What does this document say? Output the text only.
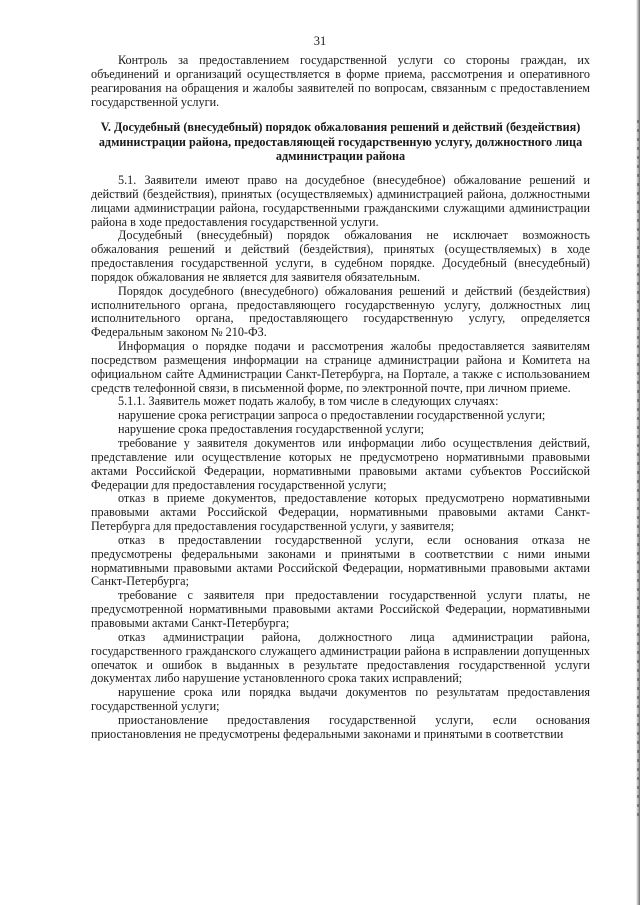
31

Контроль за предоставлением государственной услуги со стороны граждан, их объединений и организаций осуществляется в форме приема, рассмотрения и оперативного реагирования на обращения и жалобы заявителей по вопросам, связанным с предоставлением государственной услуги.

V. Досудебный (внесудебный) порядок обжалования решений и действий (бездействия) администрации района, предоставляющей государственную услугу, должностного лица администрации района

5.1. Заявители имеют право на досудебное (внесудебное) обжалование решений и действий (бездействия), принятых (осуществляемых) администрацией района, должностными лицами администрации района, государственными гражданскими служащими администрации района в ходе предоставления государственной услуги.

Досудебный (внесудебный) порядок обжалования не исключает возможность обжалования решений и действий (бездействия), принятых (осуществляемых) в ходе предоставления государственной услуги, в судебном порядке. Досудебный (внесудебный) порядок обжалования не является для заявителя обязательным.

Порядок досудебного (внесудебного) обжалования решений и действий (бездействия) исполнительного органа, предоставляющего государственную услугу, должностных лиц исполнительного органа, предоставляющего государственную услугу, определяется Федеральным законом № 210-ФЗ.

Информация о порядке подачи и рассмотрения жалобы предоставляется заявителям посредством размещения информации на странице администрации района и Комитета на официальном сайте Администрации Санкт-Петербурга, на Портале, а также с использованием средств телефонной связи, в письменной форме, по электронной почте, при личном приеме.

5.1.1. Заявитель может подать жалобу, в том числе в следующих случаях:

нарушение срока регистрации запроса о предоставлении государственной услуги;

нарушение срока предоставления государственной услуги;

требование у заявителя документов или информации либо осуществления действий, представление или осуществление которых не предусмотрено нормативными правовыми актами Российской Федерации, нормативными правовыми актами субъектов Российской Федерации для предоставления государственной услуги;

отказ в приеме документов, предоставление которых предусмотрено нормативными правовыми актами Российской Федерации, нормативными правовыми актами Санкт-Петербурга для предоставления государственной услуги, у заявителя;

отказ в предоставлении государственной услуги, если основания отказа не предусмотрены федеральными законами и принятыми в соответствии с ними иными нормативными правовыми актами Российской Федерации, нормативными правовыми актами Санкт-Петербурга;

требование с заявителя при предоставлении государственной услуги платы, не предусмотренной нормативными правовыми актами Российской Федерации, нормативными правовыми актами Санкт-Петербурга;

отказ администрации района, должностного лица администрации района, государственного гражданского служащего администрации района в исправлении допущенных опечаток и ошибок в выданных в результате предоставления государственной услуги документах либо нарушение установленного срока таких исправлений;

нарушение срока или порядка выдачи документов по результатам предоставления государственной услуги;

приостановление предоставления государственной услуги, если основания приостановления не предусмотрены федеральными законами и принятыми в соответствии
